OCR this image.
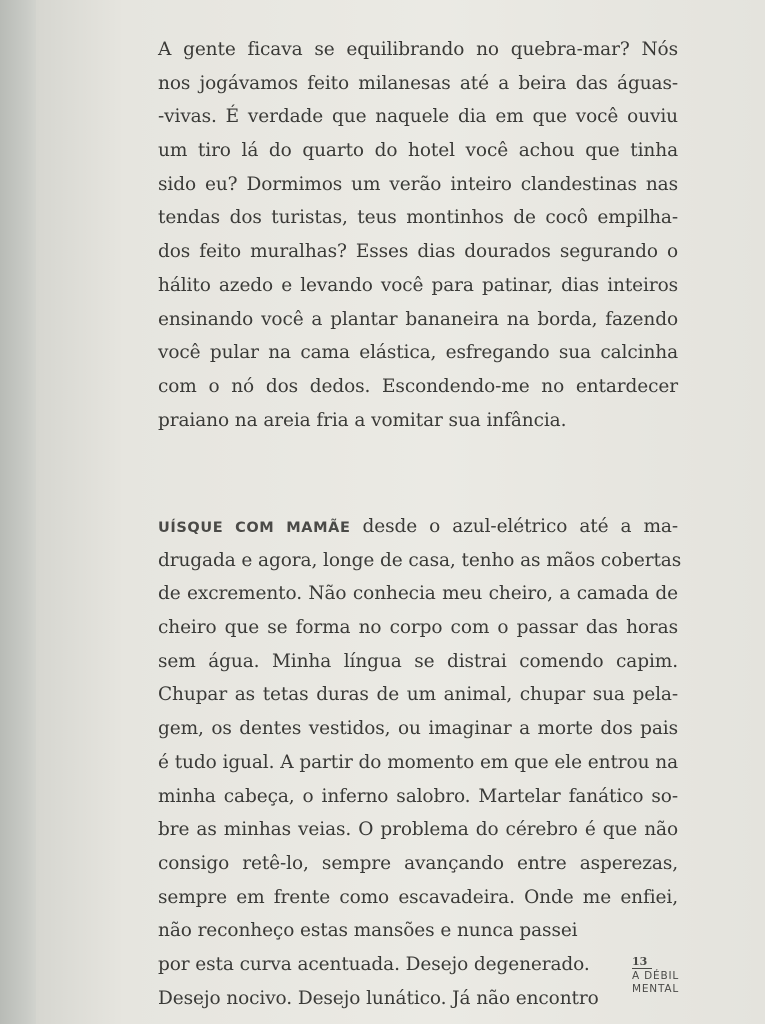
A gente ficava se equilibrando no quebra-mar? Nós
nos jogávamos feito milanesas até a beira das águas-
-vivas. É verdade que naquele dia em que você ouviu
um tiro lá do quarto do hotel você achou que tinha
sido eu? Dormimos um verão inteiro clandestinas nas
tendas dos turistas, teus montinhos de cocô empilha-
dos feito muralhas? Esses dias dourados segurando o
hálito azedo e levando você para patinar, dias inteiros
ensinando você a plantar bananeira na borda, fazendo
você pular na cama elástica, esfregando sua calcinha
com o nó dos dedos. Escondendo-me no entardecer
praiano na areia fria a vomitar sua infância.
UÍSQUE COM MAMÃE desde o azul-elétrico até a ma-
drugada e agora, longe de casa, tenho as mãos cobertas
de excremento. Não conhecia meu cheiro, a camada de
cheiro que se forma no corpo com o passar das horas
sem água. Minha língua se distrai comendo capim.
Chupar as tetas duras de um animal, chupar sua pela-
gem, os dentes vestidos, ou imaginar a morte dos pais
é tudo igual. A partir do momento em que ele entrou na
minha cabeça, o inferno salobro. Martelar fanático so-
bre as minhas veias. O problema do cérebro é que não
consigo retê-lo, sempre avançando entre asperezas,
sempre em frente como escavadeira. Onde me enfiei,
não reconheço estas mansões e nunca passei
por esta curva acentuada. Desejo degenerado.
Desejo nocivo. Desejo lunático. Já não encontro
13
A DÉBIL
MENTAL
